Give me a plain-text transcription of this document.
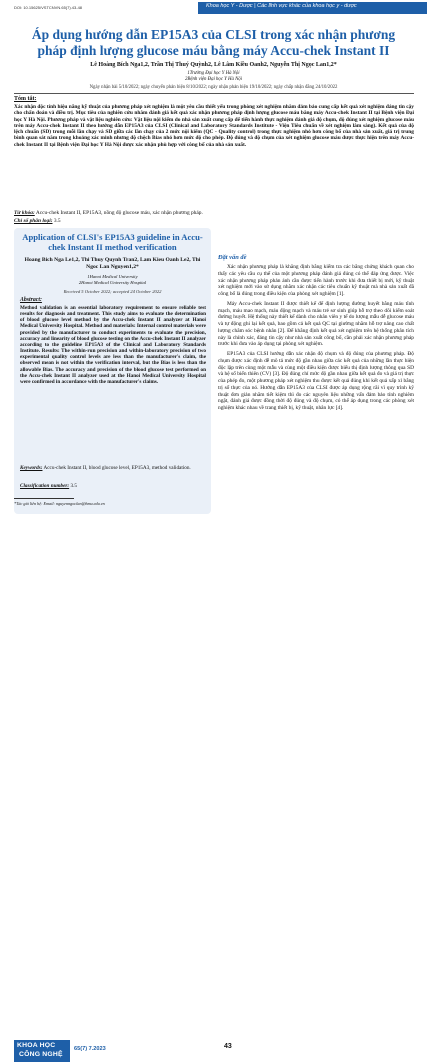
DOI: 10.15625/VSTCNVN.65(7).43-48	Khoa học Y - Dược | Các lĩnh vực khác của khoa học y - dược
Áp dụng hướng dẫn EP15A3 của CLSI trong xác nhận phương pháp định lượng glucose máu bằng máy Accu-chek Instant II
Lê Hoàng Bích Nga1,2, Trần Thị Thuý Quỳnh2, Lê Lâm Kiều Oanh2, Nguyễn Thị Ngọc Lan1,2*
1Trường Đại học Y Hà Nội
2Bệnh viện Đại học Y Hà Nội
Ngày nhận bài 5/10/2022; ngày chuyển phản biện 8/10/2022; ngày nhận phản biện 19/10/2022; ngày chấp nhận đăng 24/10/2022
Tóm tắt:
Xác nhận độc tính hiệu năng kỹ thuật của phương pháp xét nghiệm là một yêu cầu thiết yếu trong phòng xét nghiệm nhằm đảm bảo cung cấp kết quả xét nghiệm đáng tin cậy cho chẩn đoán và điều trị. Mục tiêu của nghiên cứu nhằm đánh giá kết quả xác nhận phương pháp định lượng glucose máu bằng máy Accu-chek Instant II tại Bệnh viện Đại học Y Hà Nội. Phương pháp và vật liệu nghiên cứu: Vật liệu nội kiểm do nhà sản xuất cung cấp để tiến hành thực nghiệm đánh giá độ chụm, độ đúng xét nghiệm glucose máu trên máy Accu-chek Instant II theo hướng dẫn EP15A3 của CLSI (Clinical and Laboratory Standards Institute - Viện Tiêu chuẩn về xét nghiệm lâm sàng). Kết quả của độ lệch chuẩn (SD) trong mỗi lần chạy và SD giữa các lần chạy của 2 mức nội kiểm (QC - Quality control) trong thực nghiệm nhỏ hơn công bố của nhà sản xuất, giá trị trung bình quan sát nằm trong khoảng xác minh nhưng độ chệch Bias nhỏ hơn mức độ cho phép. Độ đúng và độ chụm của xét nghiệm glucose máu được thực hiện trên máy Accu-chek Instant II tại Bệnh viện Đại học Y Hà Nội được xác nhận phù hợp với công bố của nhà sản xuất.
Từ khóa: Accu-chek Instant II, EP15A3, nồng độ glucose máu, xác nhận phương pháp.
Chỉ số phân loại: 3.5
Application of CLSI's EP15A3 guideline in Accu-chek Instant II method verification
Hoang Bich Nga Le1,2, Thi Thuy Quynh Tran2, Lam Kieu Oanh Le2, Thi Ngoc Lan Nguyen1,2*
1Hanoi Medical University
2Hanoi Medical University Hospital
Received 5 October 2022; accepted 24 October 2022
Abstract:
Method validation is an essential laboratory requirement to ensure reliable test results for diagnosis and treatment. This study aims to evaluate the determination of blood glucose level method by the Accu-chek Instant II analyzer at Hanoi Medical University Hospital. Method and materials: Internal control materials were provided by the manufacturer to conduct experiments to evaluate the precision, accuracy and linearity of blood glucose testing on the Accu-chek Instant II analyzer according to the guideline EP15A3 of the Clinical and Laboratory Standards Institute. Results: The within-run precision and within-laboratory precision of two experimental quality control levels are less than the manufacturer's claim, the observed mean is not within the verification interval, but the Bias is less than the allowable Bias. The accuracy and precision of the blood glucose test performed on the Accu-chek Instant II analyzer used at the Hanoi Medical University Hospital were confirmed in accordance with the manufacturer's claims.
Keywords: Accu-chek Instant II, blood glucose level, EP15A3, method validation.
Classification number: 3.5
*Tác giả liên hệ: Email: nguyenngoclan@hmu.edu.vn
Đặt vấn đề

Xác nhận phương pháp là khẳng định bằng kiểm tra các bằng chứng khách quan cho thấy các yêu cầu cụ thể của một phương pháp đánh giá đúng có thể đáp ứng được. Việc xác nhận phương pháp phản ánh cần được tiến hành trước khi đưa thiết bị mới, kỹ thuật xét nghiệm mới vào sử dụng nhằm xác nhận các tiêu chuẩn kỹ thuật mà nhà sản xuất đã công bố là đúng trong điều kiện của phòng xét nghiệm [1].

Máy Accu-chek Instant II được thiết kế để định lượng đường huyết bằng máu tĩnh mạch, máu mao mạch, máu động mạch và máu trẻ sơ sinh giúp hỗ trợ theo dõi kiểm soát đường huyết. Hệ thống này thiết kế dành cho nhân viên y tế do lượng mẫu dễ glucose máu và tự động ghi lại kết quả, bao gồm cả kết quả QC tại giường nhằm hỗ trợ nâng cao chất lượng chăm sóc bệnh nhân [2]. Để khẳng định kết quả xét nghiệm trên hệ thống phân tích này là chính xác, đáng tin cậy như nhà sản xuất công bố, cần phải xác nhận phương pháp trước khi đưa vào áp dụng tại phòng xét nghiệm.

EP15A3 của CLSI hướng dẫn xác nhận độ chụm và độ đúng của phương pháp. Độ chụm được xác định dễ mô tả mức độ gần nhau giữa các kết quả của những lần thực hiện độc lập trên cùng một mẫu và cùng một điều kiện được biểu thị định lượng thông qua SD và hệ số biến thiên (CV) [3]. Độ đúng chỉ mức độ gần nhau giữa kết quả đo và giá trị thực của phép đo, một phương pháp xét nghiệm thu được kết quả đúng khi kết quả xấp xỉ bằng trị số thực của nó. Hướng dẫn EP15A3 của CLSI được áp dụng rộng rãi vì quy trình kỹ thuật đơn giản nhằm tiết kiệm thì đo các nguyên liệu những vấn đảm bảo tính nghiêm ngặt, đánh giá được đồng thời độ đúng và độ chụm, có thể áp dụng trong các phòng xét nghiệm khác nhau về trang thiết bị, kỹ thuật, nhân lực [4].

KHOA HỌC
CÔNG NGHỆ
65(7) 7.2023	43
